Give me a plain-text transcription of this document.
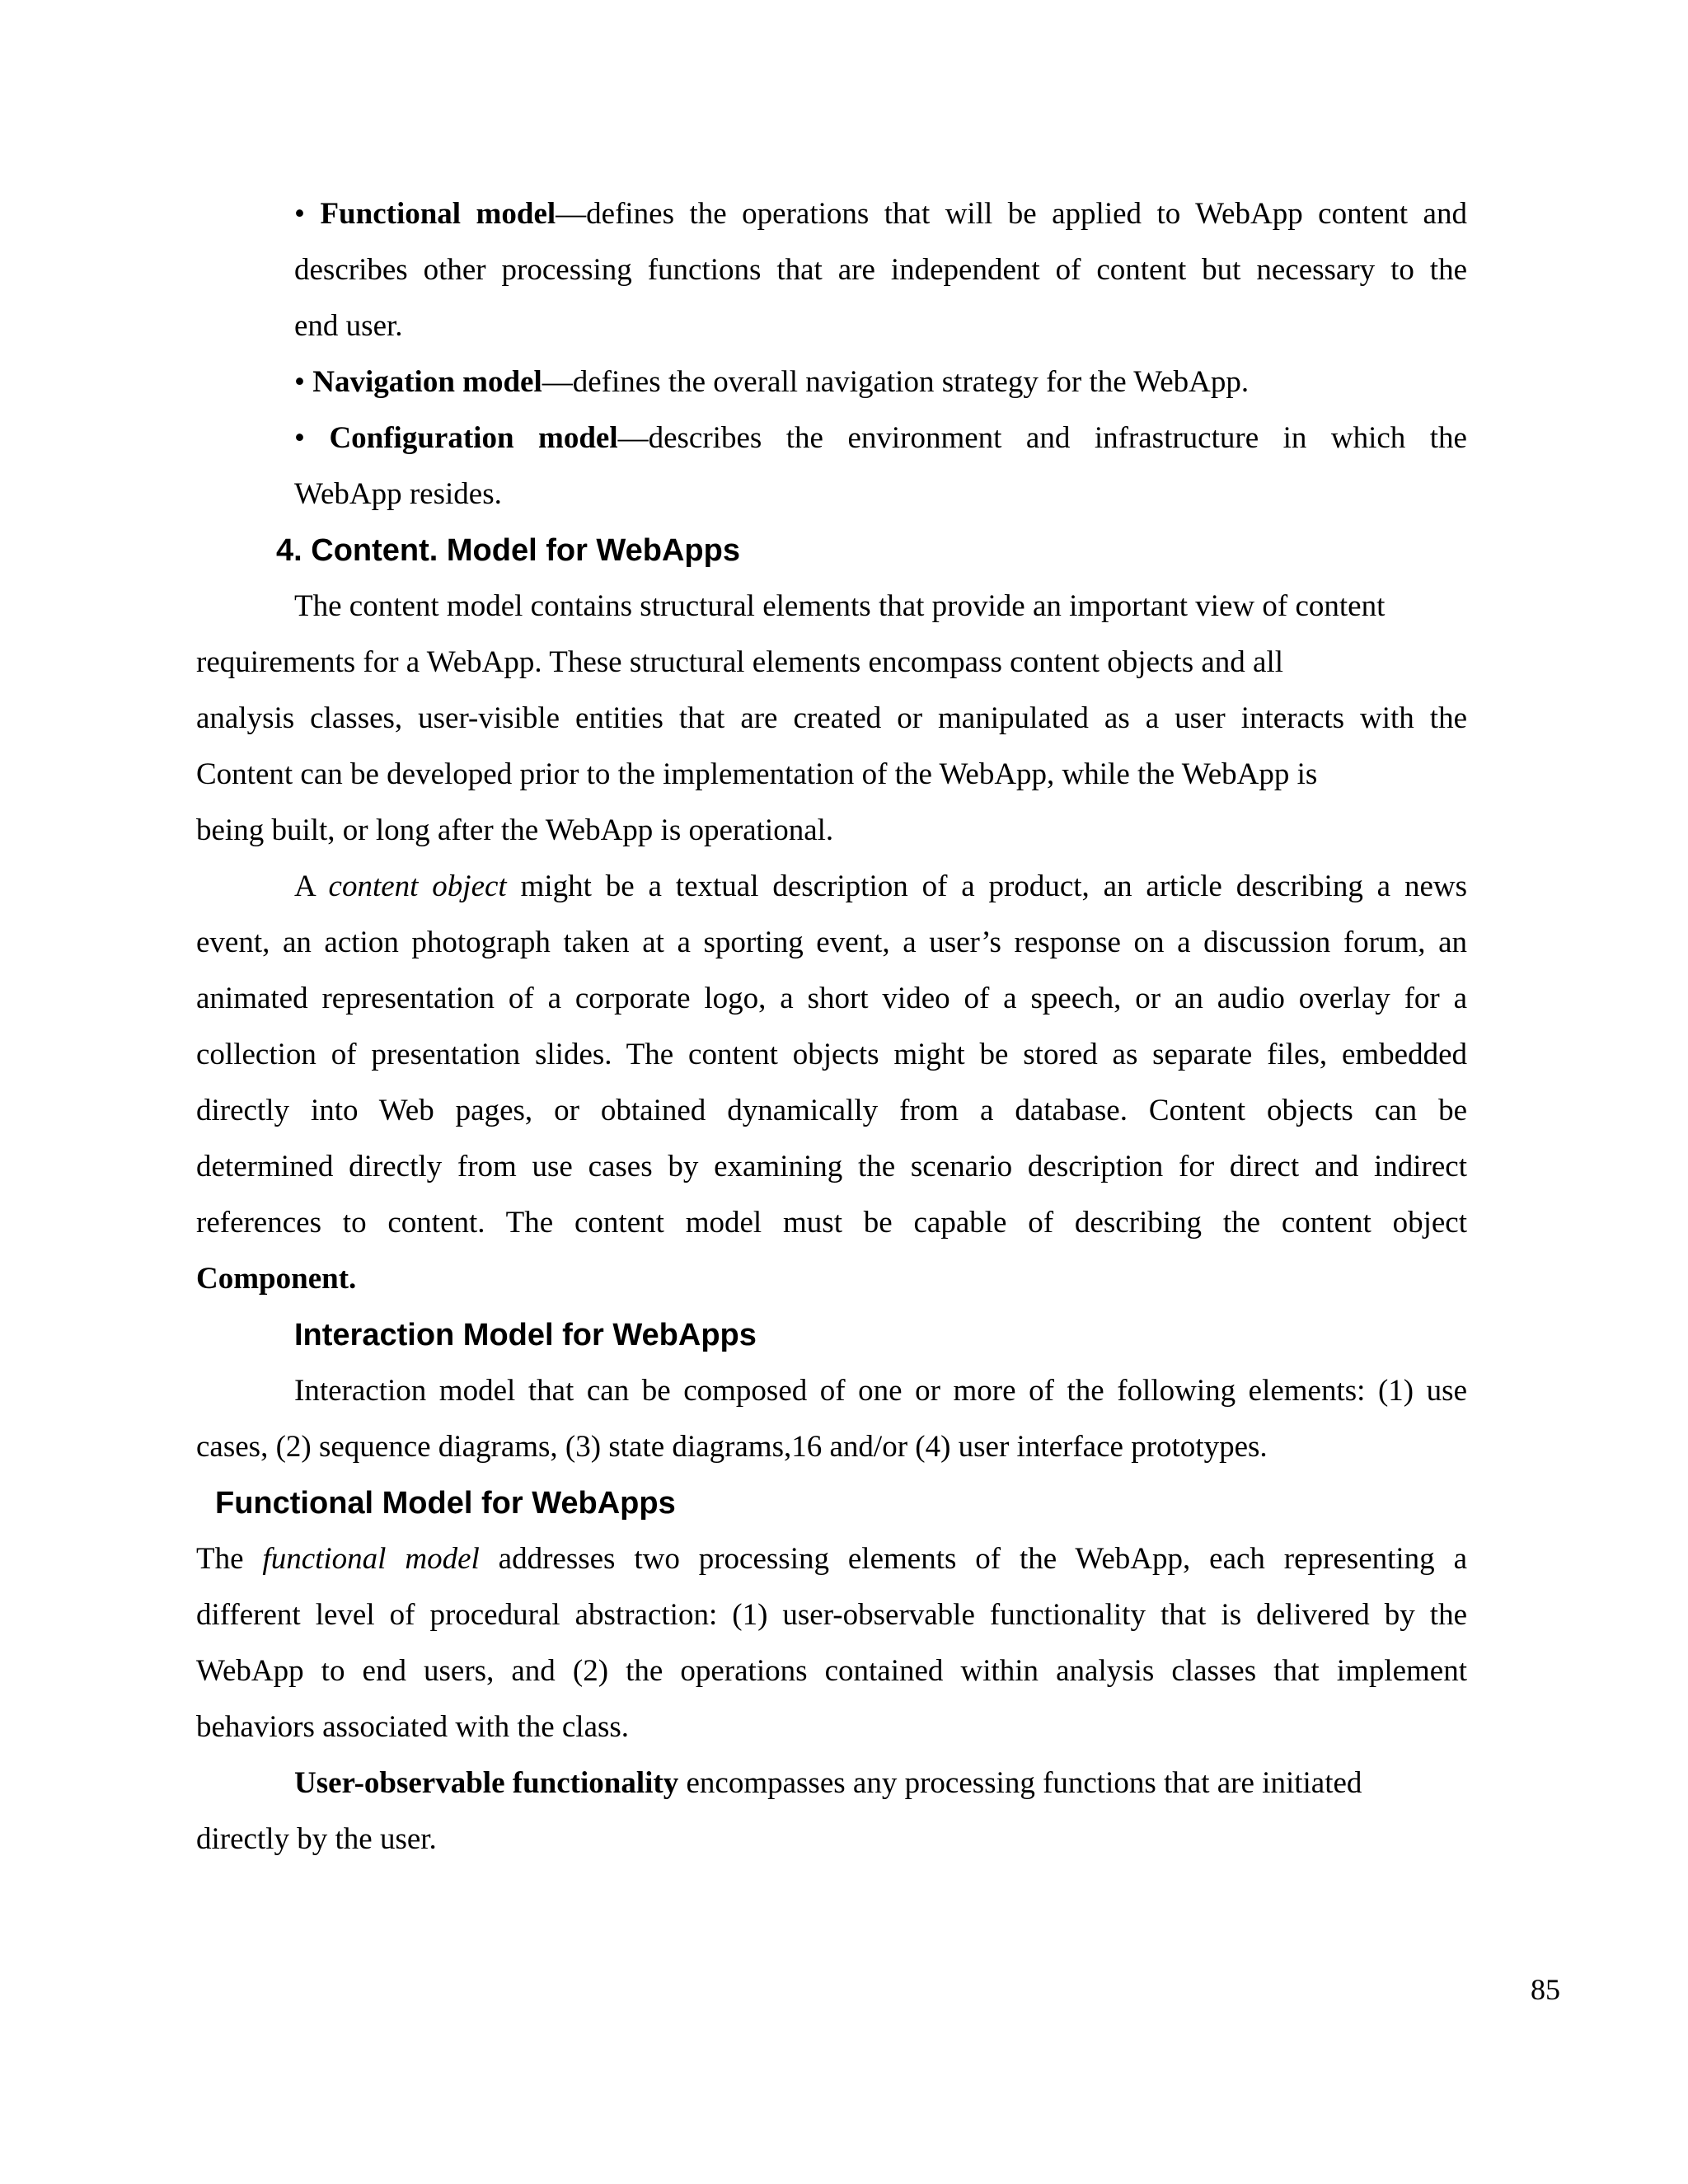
• Functional model—defines the operations that will be applied to WebApp content and

describes other processing functions that are independent of content but necessary to the

end user.

• Navigation model—defines the overall navigation strategy for the WebApp.

• Configuration model—describes the environment and infrastructure in which the

WebApp resides.

4. Content. Model for WebApps

The content model contains structural elements that provide an important view of content

requirements for a WebApp. These structural elements encompass content objects and all

analysis classes, user-visible entities that are created or manipulated as a user interacts with the

Content can be developed prior to the implementation of the WebApp, while the WebApp is

being built, or long after the WebApp is operational.

A content object might be a textual description of a product, an article describing a news

event, an action photograph taken at a sporting event, a user’s response on a discussion forum, an

animated representation of a corporate logo, a short video of a speech, or an audio overlay for a

collection of presentation slides. The content objects might be stored as separate files, embedded

directly into Web pages, or obtained dynamically from a database. Content objects can be

determined directly from use cases by examining the scenario description for direct and indirect

references to content. The content model must be capable of describing the content object

Component.

Interaction Model for WebApps

Interaction model that can be composed of one or more of the following elements: (1) use

cases, (2) sequence diagrams, (3) state diagrams,16 and/or (4) user interface prototypes.

Functional Model for WebApps

The functional model addresses two processing elements of the WebApp, each representing a

different level of procedural abstraction: (1) user-observable functionality that is delivered by the

WebApp to end users, and (2) the operations contained within analysis classes that implement

behaviors associated with the class.

User-observable functionality encompasses any processing functions that are initiated

directly by the user.

85
